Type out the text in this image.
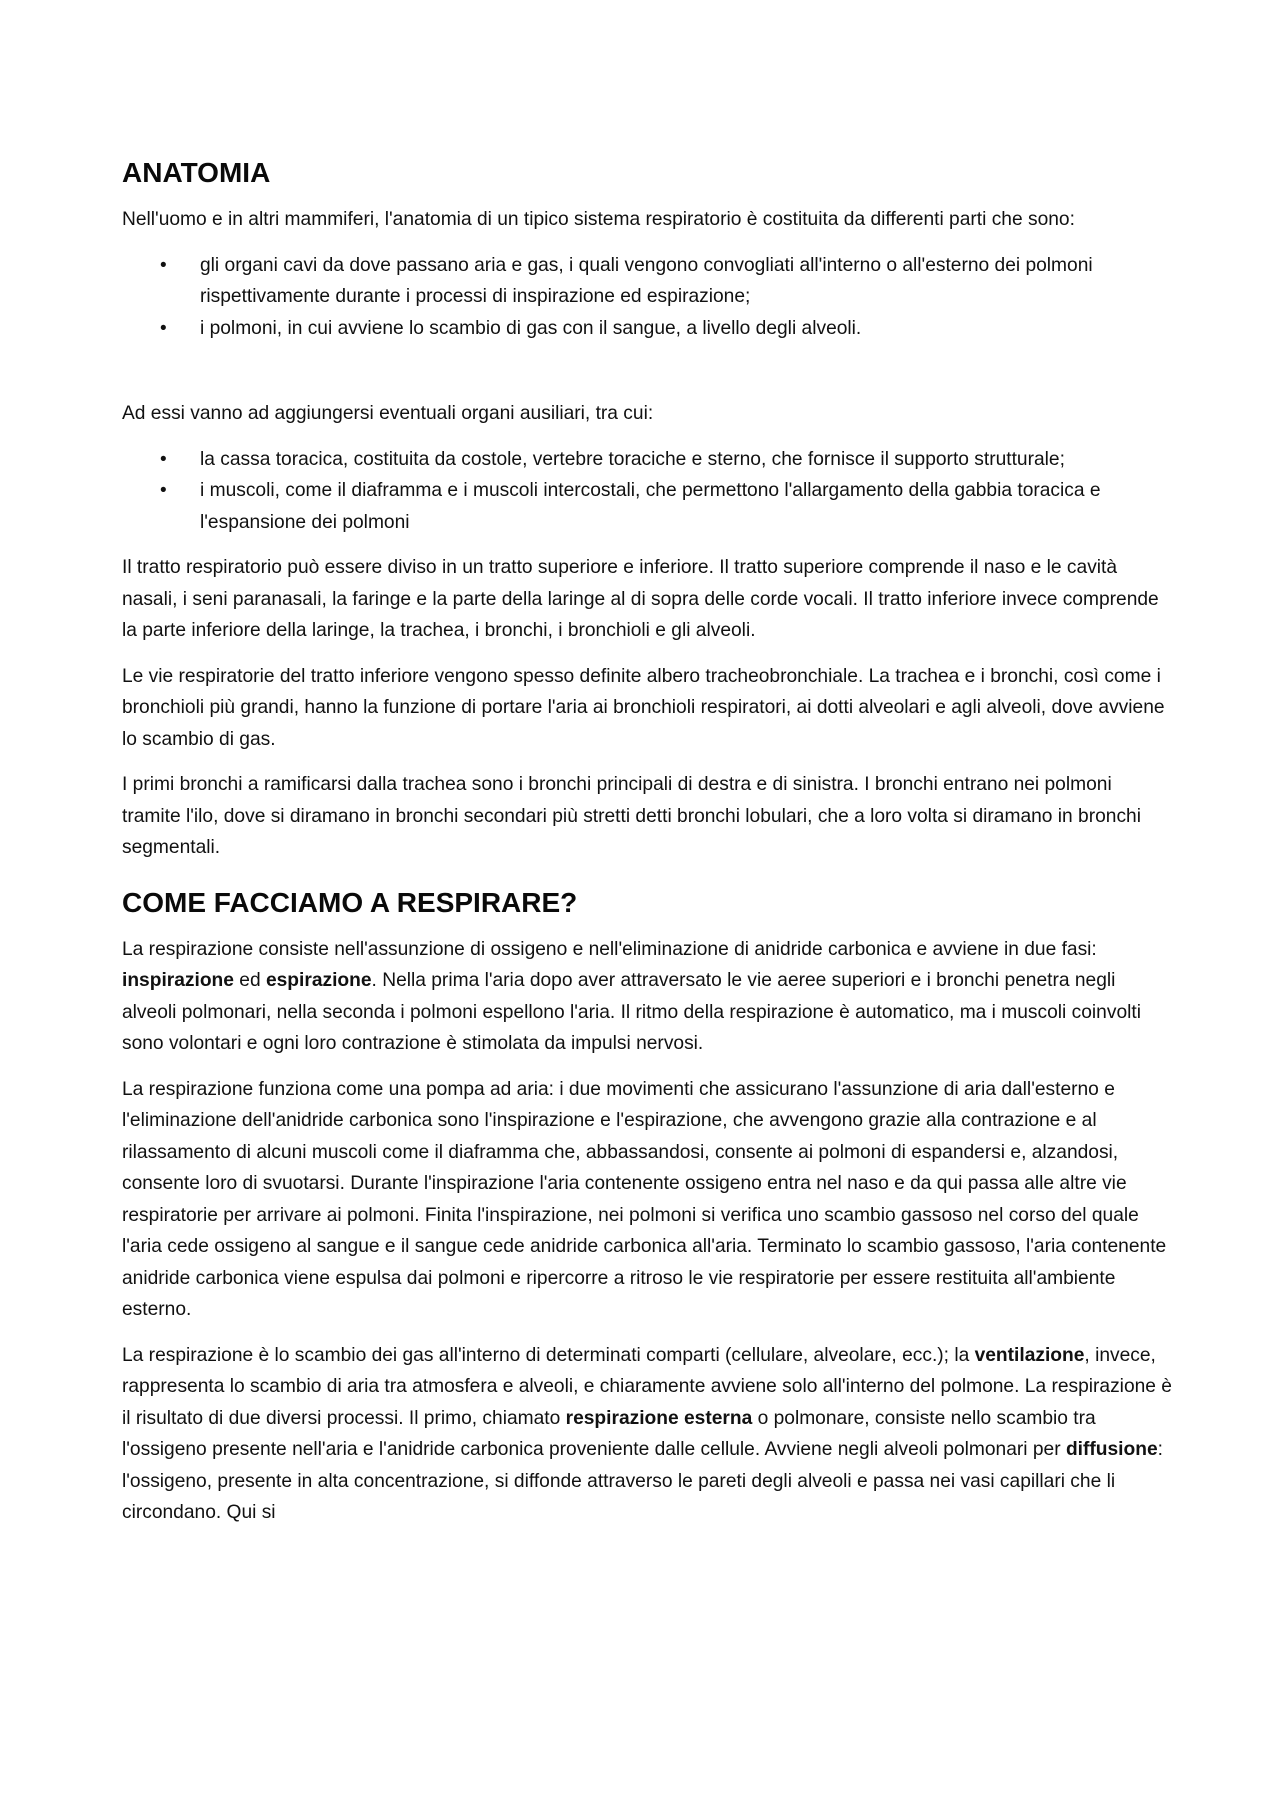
ANATOMIA

Nell'uomo e in altri mammiferi, l'anatomia di un tipico sistema respiratorio è costituita da differenti parti che sono:

• gli organi cavi da dove passano aria e gas, i quali vengono convogliati all'interno o all'esterno dei polmoni rispettivamente durante i processi di inspirazione ed espirazione;
• i polmoni, in cui avviene lo scambio di gas con il sangue, a livello degli alveoli.

Ad essi vanno ad aggiungersi eventuali organi ausiliari, tra cui:

• la cassa toracica, costituita da costole, vertebre toraciche e sterno, che fornisce il supporto strutturale;
• i muscoli, come il diaframma e i muscoli intercostali, che permettono l'allargamento della gabbia toracica e l'espansione dei polmoni

Il tratto respiratorio può essere diviso in un tratto superiore e inferiore. Il tratto superiore comprende il naso e le cavità nasali, i seni paranasali, la faringe e la parte della laringe al di sopra delle corde vocali. Il tratto inferiore invece comprende la parte inferiore della laringe, la trachea, i bronchi, i bronchioli e gli alveoli.

Le vie respiratorie del tratto inferiore vengono spesso definite albero tracheobronchiale. La trachea e i bronchi, così come i bronchioli più grandi, hanno la funzione di portare l'aria ai bronchioli respiratori, ai dotti alveolari e agli alveoli, dove avviene lo scambio di gas.

I primi bronchi a ramificarsi dalla trachea sono i bronchi principali di destra e di sinistra. I bronchi entrano nei polmoni tramite l'ilo, dove si diramano in bronchi secondari più stretti detti bronchi lobulari, che a loro volta si diramano in bronchi segmentali.

COME FACCIAMO A RESPIRARE?

La respirazione consiste nell'assunzione di ossigeno e nell'eliminazione di anidride carbonica e avviene in due fasi: inspirazione ed espirazione. Nella prima l'aria dopo aver attraversato le vie aeree superiori e i bronchi penetra negli alveoli polmonari, nella seconda i polmoni espellono l'aria. Il ritmo della respirazione è automatico, ma i muscoli coinvolti sono volontari e ogni loro contrazione è stimolata da impulsi nervosi.

La respirazione funziona come una pompa ad aria: i due movimenti che assicurano l'assunzione di aria dall'esterno e l'eliminazione dell'anidride carbonica sono l'inspirazione e l'espirazione, che avvengono grazie alla contrazione e al rilassamento di alcuni muscoli come il diaframma che, abbassandosi, consente ai polmoni di espandersi e, alzandosi, consente loro di svuotarsi. Durante l'inspirazione l'aria contenente ossigeno entra nel naso e da qui passa alle altre vie respiratorie per arrivare ai polmoni. Finita l'inspirazione, nei polmoni si verifica uno scambio gassoso nel corso del quale l'aria cede ossigeno al sangue e il sangue cede anidride carbonica all'aria. Terminato lo scambio gassoso, l'aria contenente anidride carbonica viene espulsa dai polmoni e ripercorre a ritroso le vie respiratorie per essere restituita all'ambiente esterno.

La respirazione è lo scambio dei gas all'interno di determinati comparti (cellulare, alveolare, ecc.); la ventilazione, invece, rappresenta lo scambio di aria tra atmosfera e alveoli, e chiaramente avviene solo all'interno del polmone. La respirazione è il risultato di due diversi processi. Il primo, chiamato respirazione esterna o polmonare, consiste nello scambio tra l'ossigeno presente nell'aria e l'anidride carbonica proveniente dalle cellule. Avviene negli alveoli polmonari per diffusione: l'ossigeno, presente in alta concentrazione, si diffonde attraverso le pareti degli alveoli e passa nei vasi capillari che li circondano. Qui si
